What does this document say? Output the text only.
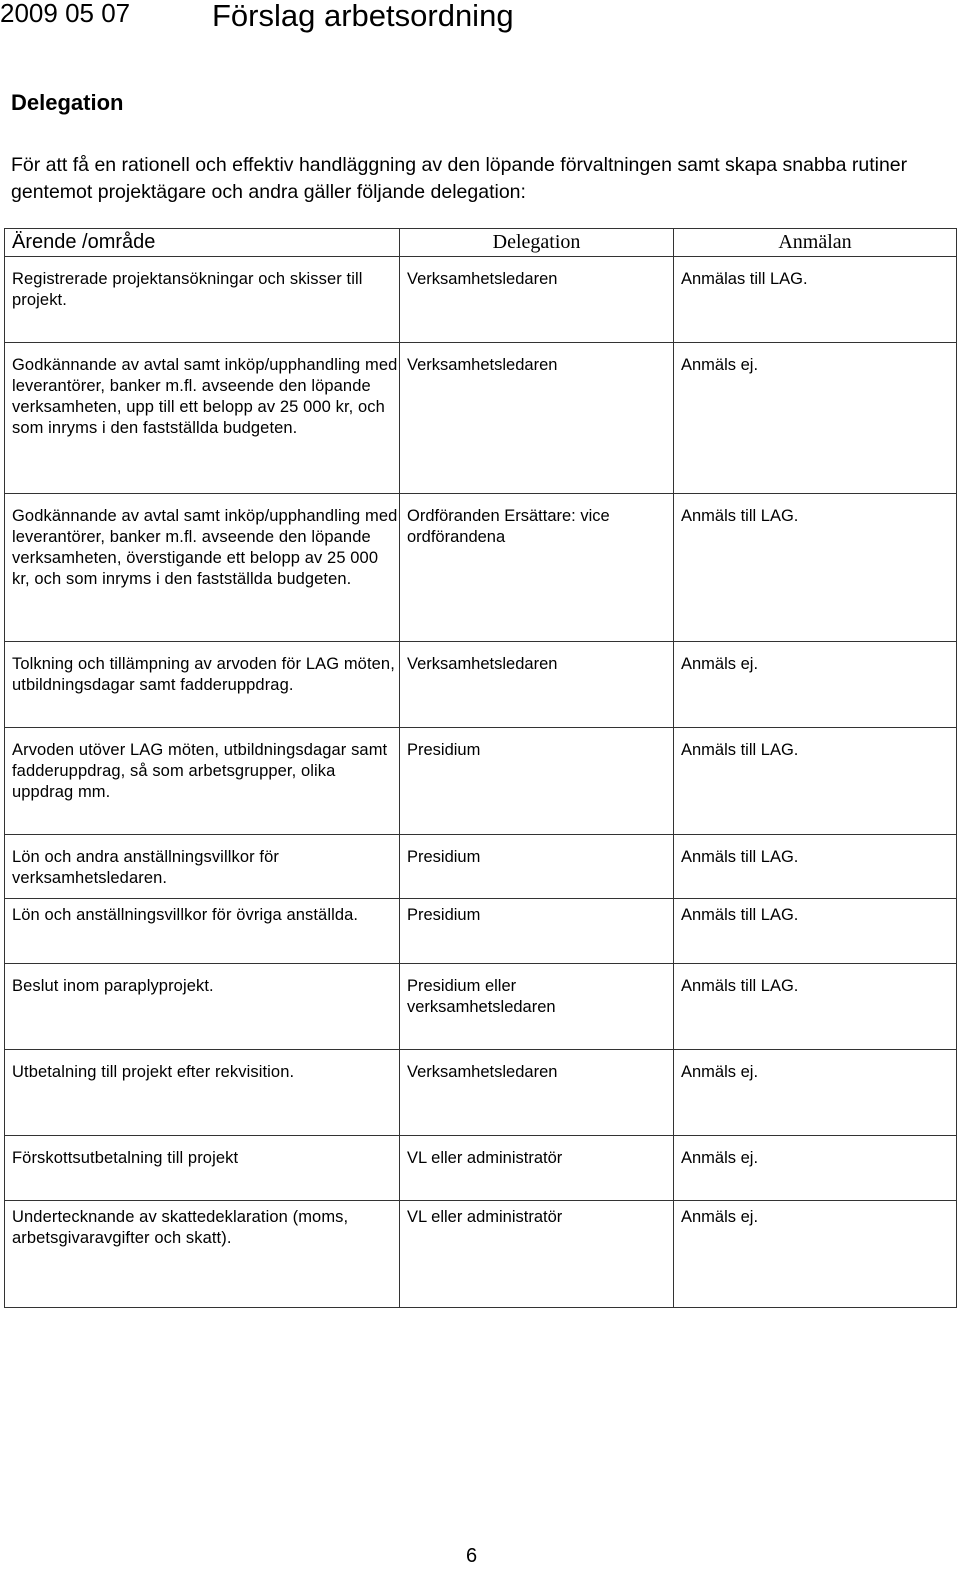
2009 05 07	Förslag arbetsordning
Delegation
För att få en rationell och effektiv handläggning av den löpande förvaltningen samt skapa snabba rutiner gentemot projektägare och andra gäller följande delegation:
Ärende /område	Delegation	Anmälan

Registrerade projektansökningar och skisser till projekt.	Verksamhetsledaren	Anmälas till LAG.

Godkännande av avtal samt inköp/upphandling med leverantörer, banker m.fl. avseende den löpande verksamheten, upp till ett belopp av 25 000 kr, och som inryms i den fastställda budgeten.	Verksamhetsledaren	Anmäls ej.

Godkännande av avtal samt inköp/upphandling med leverantörer, banker m.fl. avseende den löpande verksamheten, överstigande ett belopp av 25 000 kr, och som inryms i den fastställda budgeten.	Ordföranden Ersättare: vice ordförandena	Anmäls till LAG.

Tolkning och tillämpning av arvoden för LAG möten, utbildningsdagar samt fadderuppdrag.	Verksamhetsledaren	Anmäls ej.

Arvoden utöver LAG möten, utbildningsdagar samt fadderuppdrag, så som arbetsgrupper, olika uppdrag mm.	Presidium	Anmäls till LAG.

Lön och andra anställningsvillkor för verksamhetsledaren.	Presidium	Anmäls till LAG.

Lön och anställningsvillkor för övriga anställda.	Presidium	Anmäls till LAG.

Beslut inom paraplyprojekt.	Presidium eller verksamhetsledaren	Anmäls till LAG.

Utbetalning till projekt efter rekvisition.	Verksamhetsledaren	Anmäls ej.

Förskottsutbetalning till projekt	VL eller administratör	Anmäls ej.

Undertecknande av skattedeklaration (moms, arbetsgivaravgifter och skatt).	VL eller administratör	Anmäls ej.
6
